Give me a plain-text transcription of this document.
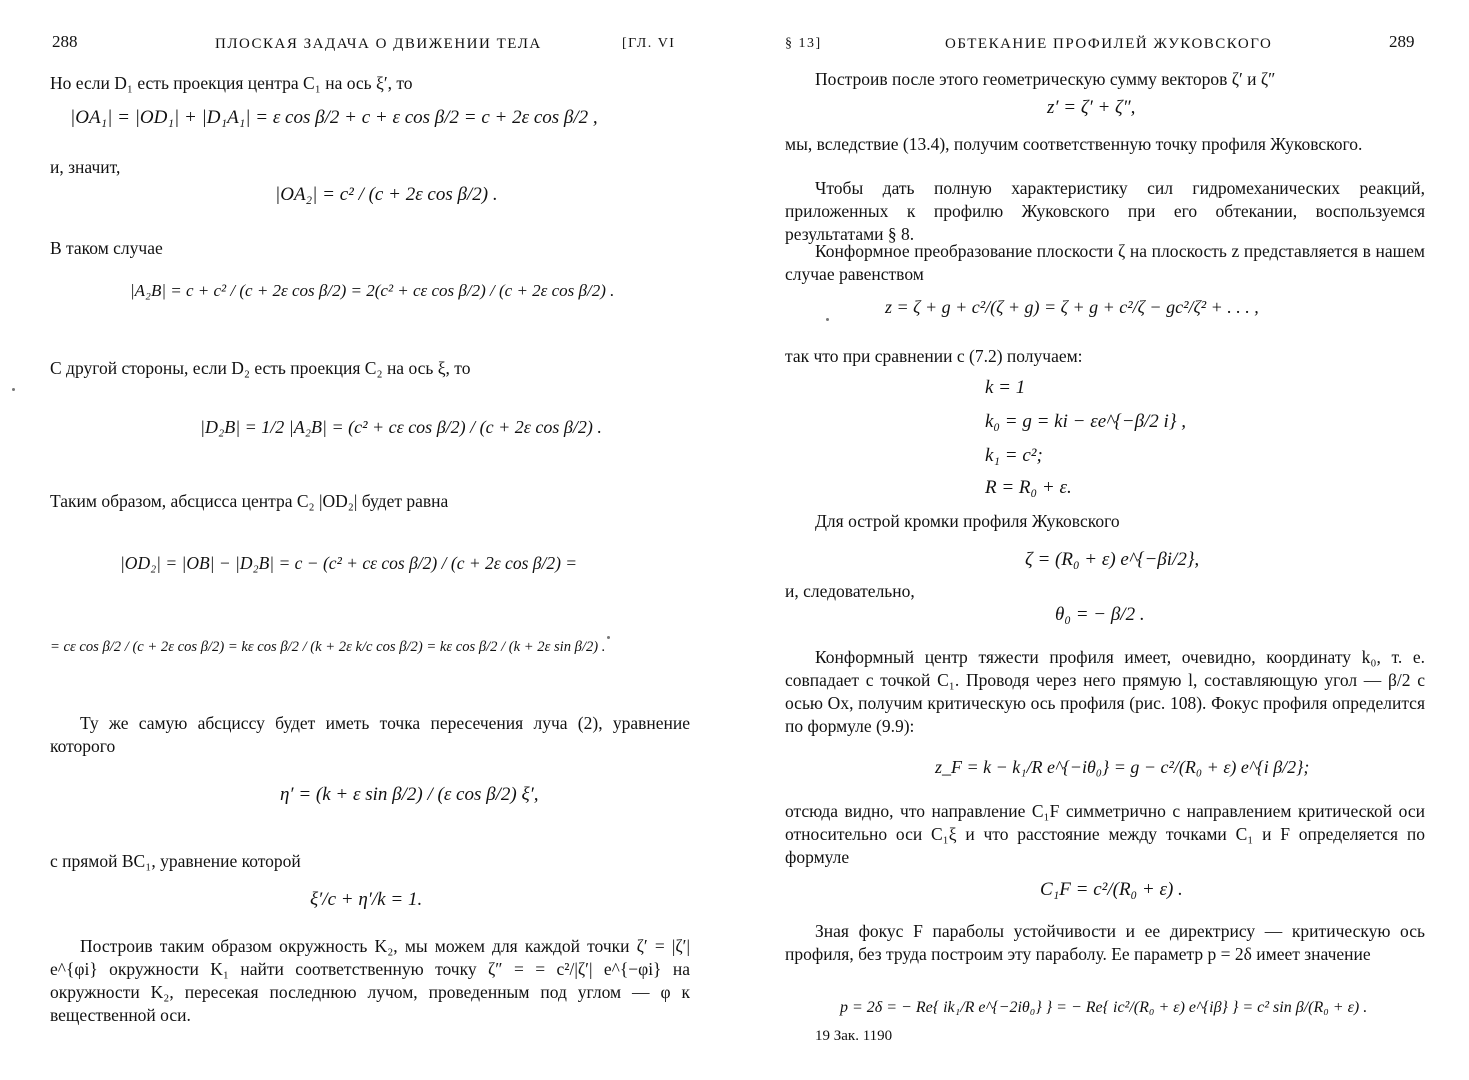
288	ПЛОСКАЯ ЗАДАЧА О ДВИЖЕНИИ ТЕЛА	[ГЛ. VI

Но если D₁ есть проекция центра C₁ на ось ξ′, то

|OA₁| = |OD₁| + |D₁A₁| = ε cos β/2 + c + ε cos β/2 = c + 2ε cos β/2 ,

и, значит,

|OA₂| = c² / (c + 2ε cos β/2) .

В таком случае

|A₂B| = c + c² / (c + 2ε cos β/2) = 2(c² + cε cos β/2) / (c + 2ε cos β/2) .

С другой стороны, если D₂ есть проекция C₂ на ось ξ, то

|D₂B| = 1/2 |A₂B| = (c² + cε cos β/2) / (c + 2ε cos β/2) .

Таким образом, абсцисса центра C₂ |OD₂| будет равна

|OD₂| = |OB| − |D₂B| = c − (c² + cε cos β/2) / (c + 2ε cos β/2) =
= cε cos β/2 / (c + 2ε cos β/2) = kε cos β/2 / (k + 2ε k/c cos β/2) = kε cos β/2 / (k + 2ε sin β/2) .

Ту же самую абсциссу будет иметь точка пересечения луча (2), уравнение которого

η′ = (k + ε sin β/2) / (ε cos β/2) ξ′,

с прямой BC₁, уравнение которой

ξ′/c + η′/k = 1.

Построив таким образом окружность K₂, мы можем для каждой точки ζ′ = |ζ′| e^{φi} окружности K₁ найти соответственную точку ζ″ = = c²/|ζ′| e^{−φi} на окружности K₂, пересекая последнюю лучом, проведенным под углом — φ к вещественной оси.

§ 13]	ОБТЕКАНИЕ ПРОФИЛЕЙ ЖУКОВСКОГО	289

Построив после этого геометрическую сумму векторов ζ′ и ζ″

z′ = ζ′ + ζ″,

мы, вследствие (13.4), получим соответственную точку профиля Жуковского.

Чтобы дать полную характеристику сил гидромеханических реакций, приложенных к профилю Жуковского при его обтекании, воспользуемся результатами § 8.

Конформное преобразование плоскости ζ на плоскость z представляется в нашем случае равенством

z = ζ + g + c²/(ζ + g) = ζ + g + c²/ζ − gc²/ζ² + . . . ,

так что при сравнении с (7.2) получаем:

k = 1
k₀ = g = ki − εe^{−β/2 i} ,
k₁ = c²;
R = R₀ + ε.

Для острой кромки профиля Жуковского

ζ = (R₀ + ε) e^{−βi/2},

и, следовательно,

θ₀ = − β/2 .

Конформный центр тяжести профиля имеет, очевидно, координату k₀, т. е. совпадает с точкой C₁. Проводя через него прямую l, составляющую угол — β/2 с осью Ox, получим критическую ось профиля (рис. 108). Фокус профиля определится по формуле (9.9):

z_F = k − k₁/R e^{−iθ₀} = g − c²/(R₀ + ε) e^{i β/2};

отсюда видно, что направление C₁F симметрично с направлением критической оси относительно оси C₁ξ и что расстояние между точками C₁ и F определяется по формуле

C₁F = c²/(R₀ + ε) .

Зная фокус F параболы устойчивости и ее директрису — критическую ось профиля, без труда построим эту параболу. Ее параметр p = 2δ имеет значение

p = 2δ = − Re{ ik₁/R e^{−2iθ₀} } = − Re{ ic²/(R₀ + ε) e^{iβ} } = c² sin β/(R₀ + ε) .
19 Зак. 1190
